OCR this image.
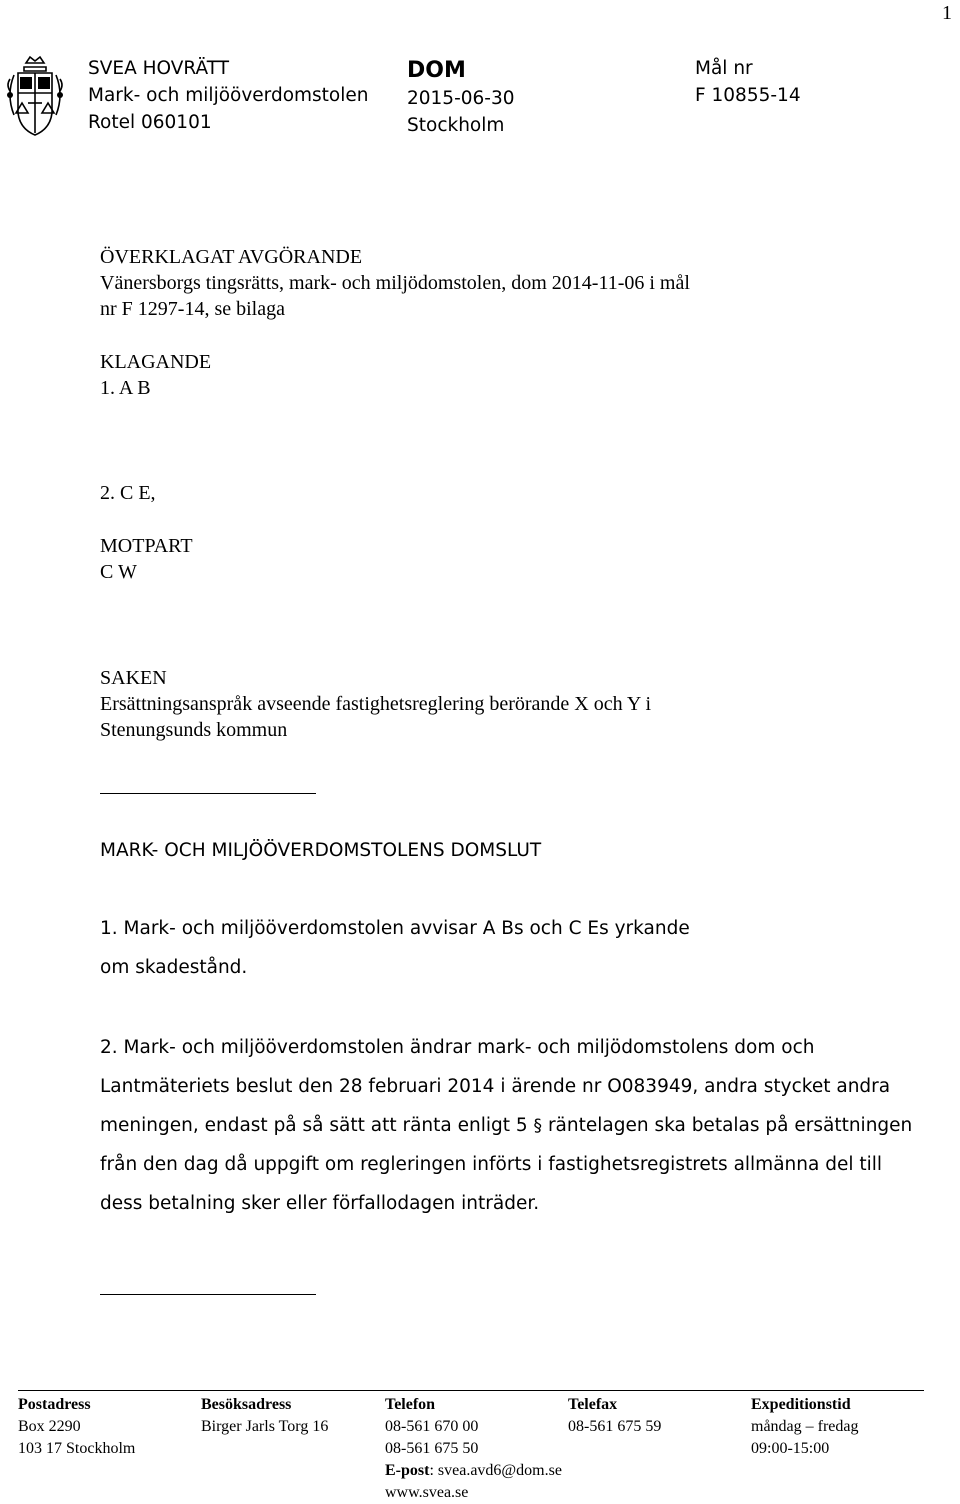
1
SVEA HOVRÄTT
Mark- och miljööverdomstolen
Rotel 060101
DOM
2015-06-30
Stockholm
Mål nr
F 10855-14
ÖVERKLAGAT AVGÖRANDE
Vänersborgs tingsrätts, mark- och miljödomstolen, dom 2014-11-06 i mål
nr F 1297-14, se bilaga
KLAGANDE
1. A B
2. C E,
MOTPART
C W
SAKEN
Ersättningsanspråk avseende fastighetsreglering berörande X och Y i
Stenungsunds kommun
MARK- OCH MILJÖÖVERDOMSTOLENS DOMSLUT
1. Mark- och miljööverdomstolen avvisar A Bs och C Es yrkande
om skadestånd.
2. Mark- och miljööverdomstolen ändrar mark- och miljödomstolens dom och
Lantmäteriets beslut den 28 februari 2014 i ärende nr O083949, andra stycket andra
meningen, endast på så sätt att ränta enligt 5 § räntelagen ska betalas på ersättningen
från den dag då uppgift om regleringen införts i fastighetsregistrets allmänna del till
dess betalning sker eller förfallodagen inträder.
Postadress
Box 2290
103 17 Stockholm
Besöksadress
Birger Jarls Torg 16
Telefon
08-561 670 00
08-561 675 50
E-post: svea.avd6@dom.se
www.svea.se
Telefax
08-561 675 59
Expeditionstid
måndag – fredag
09:00-15:00
